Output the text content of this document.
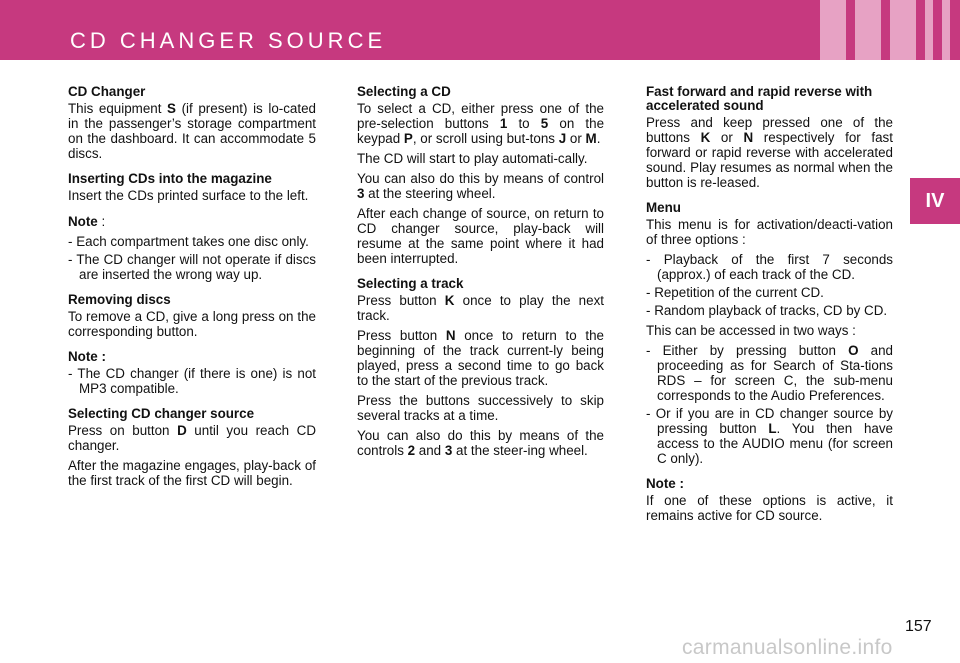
CD CHANGER SOURCE
IV
CD Changer

This equipment S (if present) is lo-cated in the passenger’s storage compartment on the dashboard. It can accommodate 5 discs.

Inserting CDs into the magazine

Insert the CDs printed surface to the left.

Note :

- Each compartment takes one disc only.
- The CD changer will not operate if discs are inserted the wrong way up.
Removing discs

To remove a CD, give a long press on the corresponding button.

Note :
- The CD changer (if there is one) is not MP3 compatible.
Selecting CD changer source

Press on button D until you reach CD changer.

After the magazine engages, play-back of the first track of the first CD will begin.

Selecting a CD

To select a CD, either press one of the pre-selection buttons 1 to 5 on the keypad P, or scroll using but-tons J or M.

The CD will start to play automati-cally.

You can also do this by means of control 3 at the steering wheel.

After each change of source, on return to CD changer source, play-back will resume at the same point where it had been interrupted.

Selecting a track

Press button K once to play the next track.

Press button N once to return to the beginning of the track current-ly being played, press a second time to go back to the start of the previous track.

Press the buttons successively to skip several tracks at a time.

You can also do this by means of the controls 2 and 3 at the steer-ing wheel.

Fast forward and rapid reverse with accelerated sound

Press and keep pressed one of the buttons K or N respectively for fast forward or rapid reverse with accelerated sound. Play resumes as normal when the button is re-leased.

Menu

This menu is for activation/deacti-vation of three options :

- Playback of the first 7 seconds (approx.) of each track of the CD.
- Repetition of the current CD.
- Random playback of tracks, CD by CD.

This can be accessed in two ways :

- Either by pressing button O and proceeding as for Search of Sta-tions RDS – for screen C, the sub-menu corresponds to the Audio Preferences.
- Or if you are in CD changer source by pressing button L. You then have access to the AUDIO menu (for screen C only).
Note :

If one of these options is active, it remains active for CD source.

157
carmanualsonline.info
